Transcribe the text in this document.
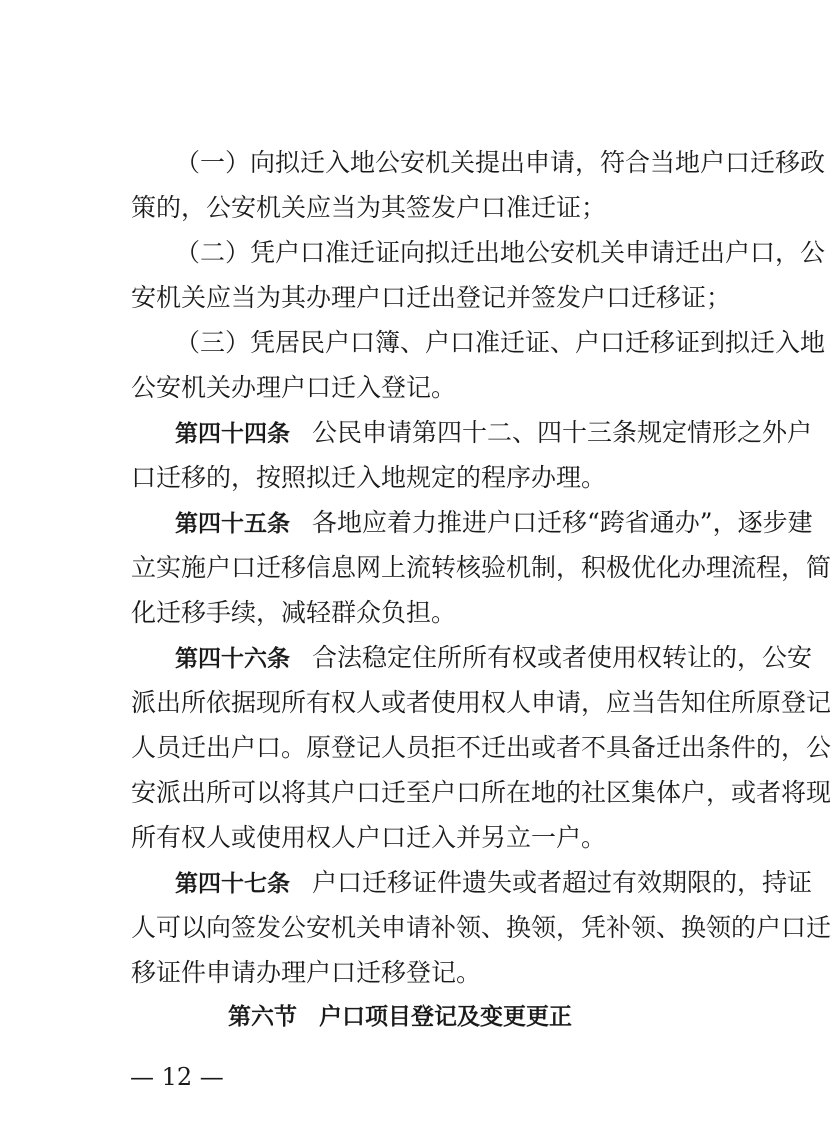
（一）向拟迁入地公安机关提出申请，符合当地户口迁移政
策的，公安机关应当为其签发户口准迁证；
（二）凭户口准迁证向拟迁出地公安机关申请迁出户口，公
安机关应当为其办理户口迁出登记并签发户口迁移证；
（三）凭居民户口簿、户口准迁证、户口迁移证到拟迁入地
公安机关办理户口迁入登记。
第四十四条 公民申请第四十二、四十三条规定情形之外户
口迁移的，按照拟迁入地规定的程序办理。
第四十五条 各地应着力推进户口迁移“跨省通办”，逐步建
立实施户口迁移信息网上流转核验机制，积极优化办理流程，简
化迁移手续，减轻群众负担。
第四十六条 合法稳定住所所有权或者使用权转让的，公安
派出所依据现所有权人或者使用权人申请，应当告知住所原登记
人员迁出户口。原登记人员拒不迁出或者不具备迁出条件的，公
安派出所可以将其户口迁至户口所在地的社区集体户，或者将现
所有权人或使用权人户口迁入并另立一户。
第四十七条 户口迁移证件遗失或者超过有效期限的，持证
人可以向签发公安机关申请补领、换领，凭补领、换领的户口迁
移证件申请办理户口迁移登记。
第六节 户口项目登记及变更更正
— 12 —
